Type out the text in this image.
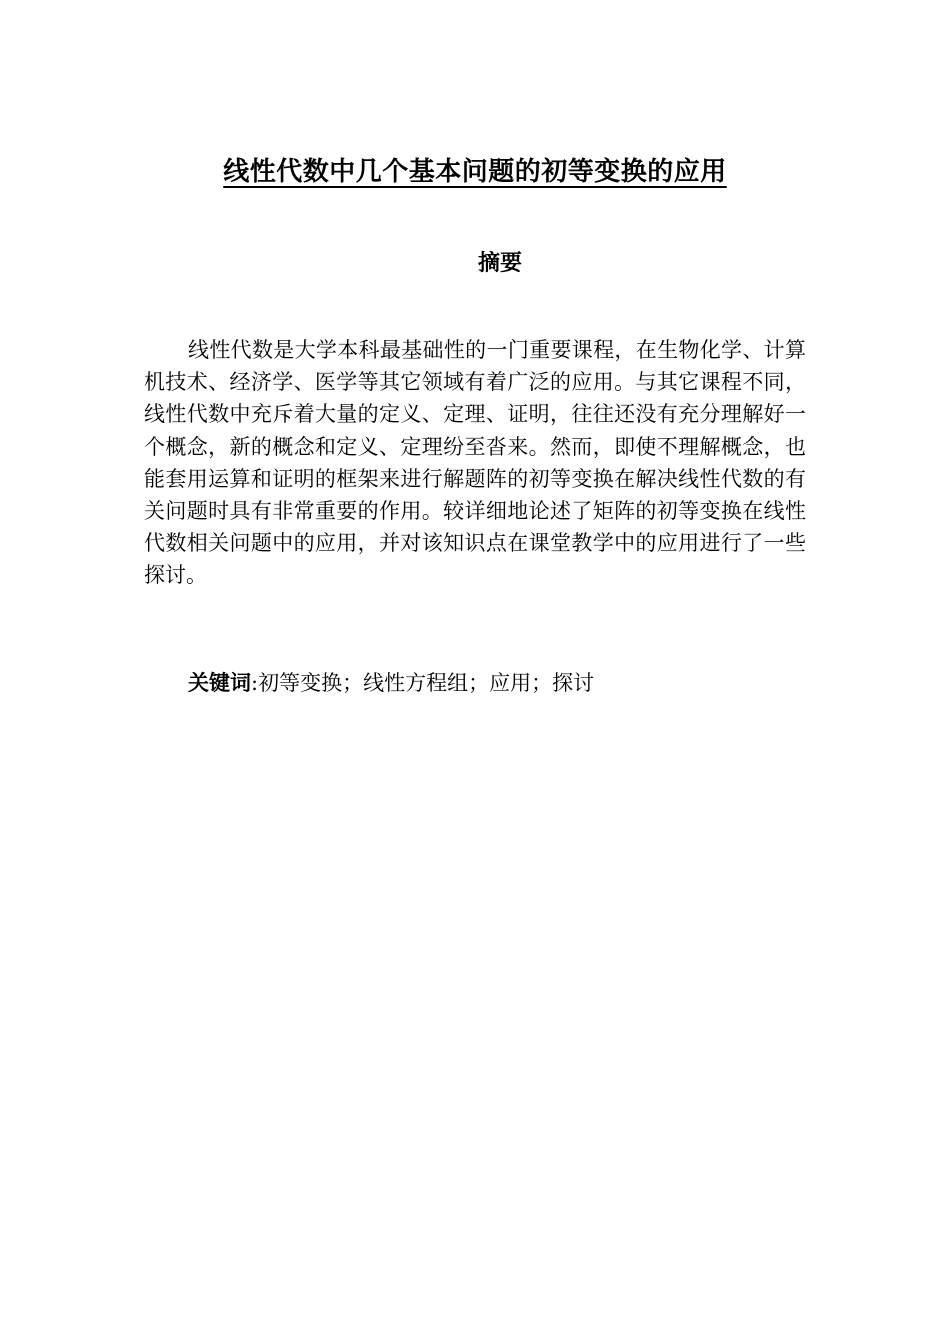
线性代数中几个基本问题的初等变换的应用
摘要

线性代数是大学本科最基础性的一门重要课程，在生物化学、计算机技术、经济学、医学等其它领域有着广泛的应用。与其它课程不同，线性代数中充斥着大量的定义、定理、证明，往往还没有充分理解好一个概念，新的概念和定义、定理纷至沓来。然而，即使不理解概念，也能套用运算和证明的框架来进行解题阵的初等变换在解决线性代数的有关问题时具有非常重要的作用。较详细地论述了矩阵的初等变换在线性代数相关问题中的应用，并对该知识点在课堂教学中的应用进行了一些探讨。

关键词:初等变换；线性方程组；应用；探讨
